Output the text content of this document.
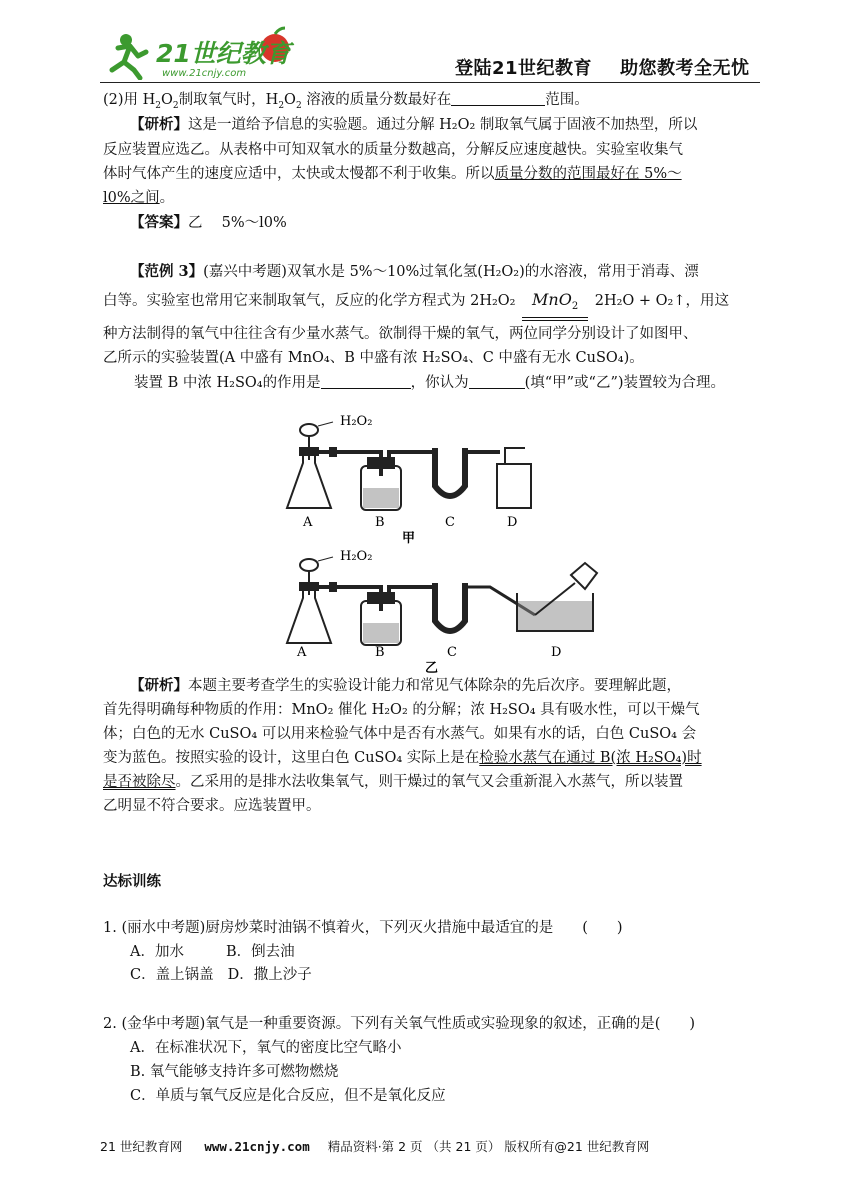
21世纪教育
www.21cnjy.com	登陆21世纪教育 助您教考全无忧
(2)用 $H_2O_2$制取氧气时，$H_2O_2$ 溶液的质量分数最好在	范围。
【研析】这是一道给予信息的实验题。通过分解 H₂O₂ 制取氧气属于固液不加热型，所以
反应装置应选乙。从表格中可知双氧水的质量分数越高，分解反应速度越快。实验室收集气
体时气体产生的速度应适中，太快或太慢都不利于收集。所以质量分数的范围最好在 5%～
l0%之间。
【答案】乙　 5%～l0%
【范例 3】(嘉兴中考题)双氧水是 5%～10%过氧化氢(H₂O₂)的水溶液，常用于消毒、漂
白等。实验室也常用它来制取氧气，反应的化学方程式为 2H₂O₂ MnO$_2$ 2H₂O + O₂↑，用这
种方法制得的氧气中往往含有少量水蒸气。欲制得干燥的氧气，两位同学分别设计了如图甲、
乙所示的实验装置(A 中盛有 MnO₄、B 中盛有浓 H₂SO₄、C 中盛有无水 CuSO₄)。
装置 B 中浓 H₂SO₄的作用是	，你认为	(填“甲”或“乙”)装置较为合理。
H₂O₂
A	B	C	D
甲
H₂O₂
A	B	C	D
乙
【研析】本题主要考查学生的实验设计能力和常见气体除杂的先后次序。要理解此题，
首先得明确每种物质的作用：MnO₂ 催化 H₂O₂ 的分解；浓 H₂SO₄ 具有吸水性，可以干燥气
体；白色的无水 CuSO₄ 可以用来检验气体中是否有水蒸气。如果有水的话，白色 CuSO₄ 会
变为蓝色。按照实验的设计，这里白色 CuSO₄ 实际上是在检验水蒸气在通过 B(浓 H₂SO₄)时
是否被除尽。乙采用的是排水法收集氧气，则干燥过的氧气又会重新混入水蒸气，所以装置
乙明显不符合要求。应选装置甲。
达标训练
1. (丽水中考题)厨房炒菜时油锅不慎着火，下列灭火措施中最适宜的是　　(　　)
A．加水	B．倒去油
C．盖上锅盖 D．撒上沙子
2. (金华中考题)氧气是一种重要资源。下列有关氧气性质或实验现象的叙述，正确的是(　　)
A．在标准状况下，氧气的密度比空气略小
B. 氧气能够支持许多可燃物燃烧
C．单质与氧气反应是化合反应，但不是氧化反应
21 世纪教育网 www.21cnjy.com 精品资料·第 2 页 （共 21 页） 版权所有@21 世纪教育网
